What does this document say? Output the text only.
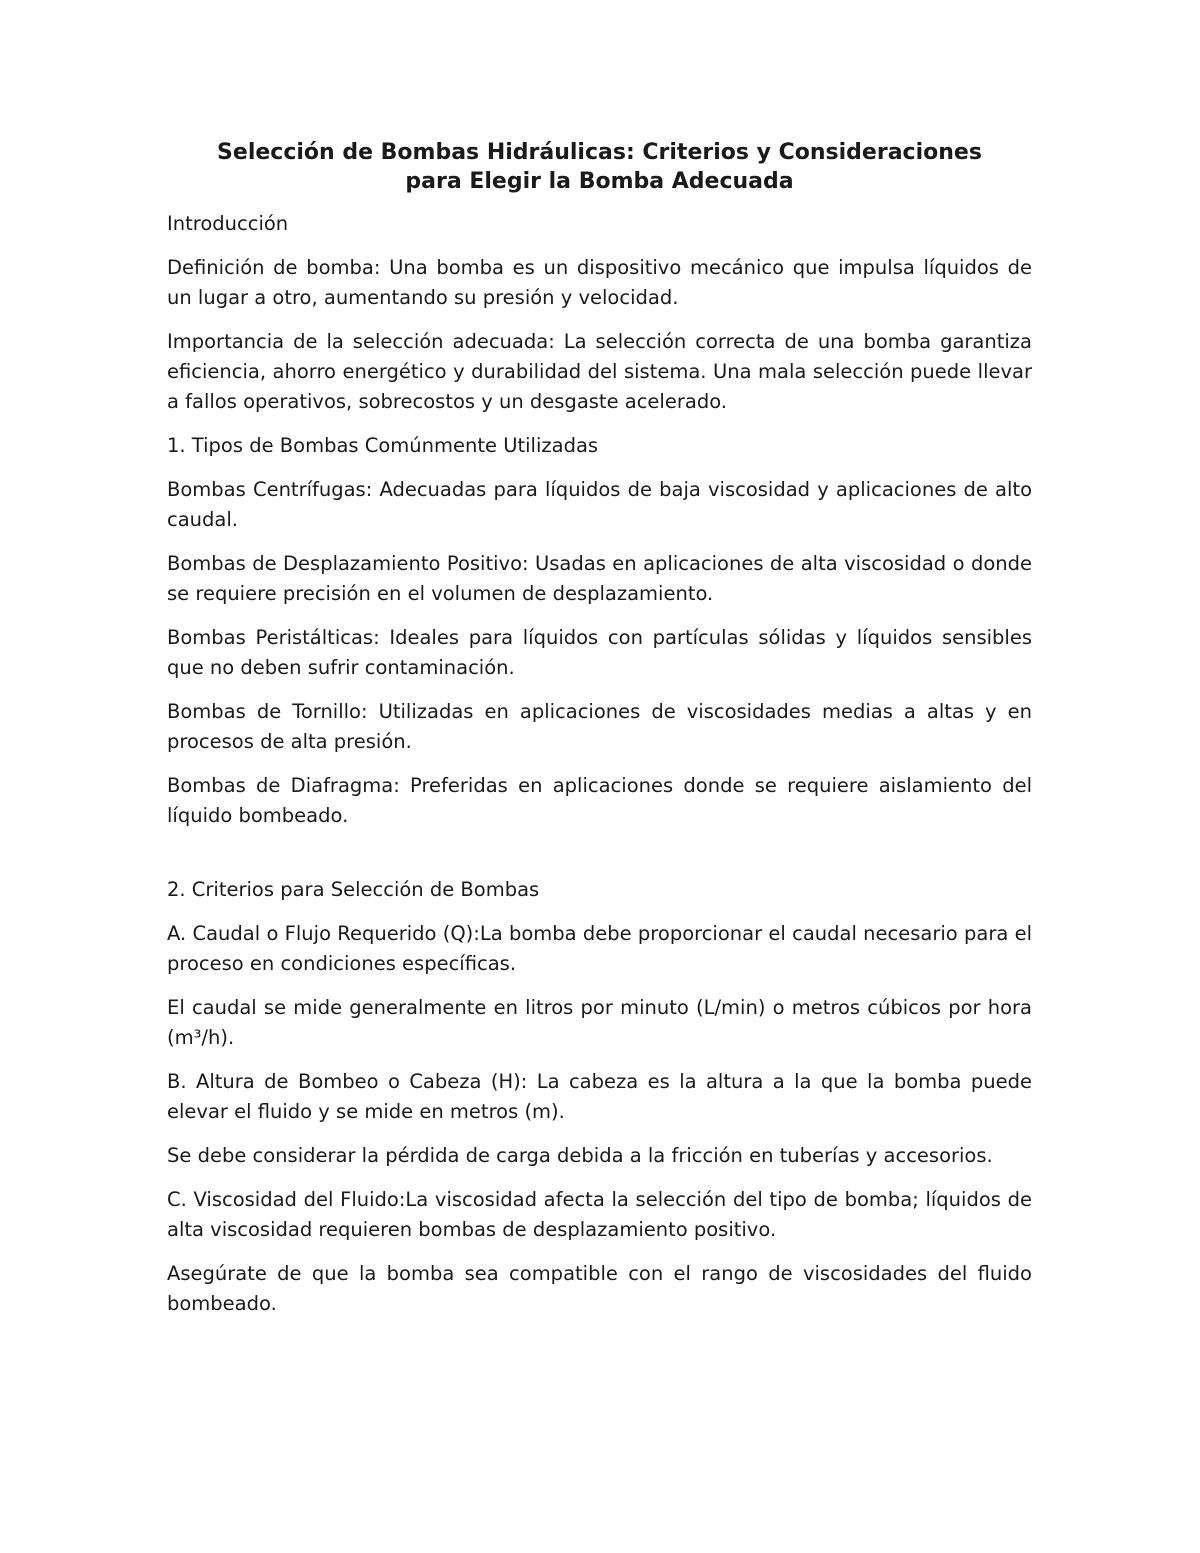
Selección de Bombas Hidráulicas: Criterios y Consideraciones
para Elegir la Bomba Adecuada

Introducción

Definición de bomba: Una bomba es un dispositivo mecánico que impulsa líquidos de un lugar a otro, aumentando su presión y velocidad.

Importancia de la selección adecuada: La selección correcta de una bomba garantiza eficiencia, ahorro energético y durabilidad del sistema. Una mala selección puede llevar a fallos operativos, sobrecostos y un desgaste acelerado.

1. Tipos de Bombas Comúnmente Utilizadas

Bombas Centrífugas: Adecuadas para líquidos de baja viscosidad y aplicaciones de alto caudal.

Bombas de Desplazamiento Positivo: Usadas en aplicaciones de alta viscosidad o donde se requiere precisión en el volumen de desplazamiento.

Bombas Peristálticas: Ideales para líquidos con partículas sólidas y líquidos sensibles que no deben sufrir contaminación.

Bombas de Tornillo: Utilizadas en aplicaciones de viscosidades medias a altas y en procesos de alta presión.

Bombas de Diafragma: Preferidas en aplicaciones donde se requiere aislamiento del líquido bombeado.

2. Criterios para Selección de Bombas

A. Caudal o Flujo Requerido (Q):La bomba debe proporcionar el caudal necesario para el proceso en condiciones específicas.

El caudal se mide generalmente en litros por minuto (L/min) o metros cúbicos por hora (m³/h).

B. Altura de Bombeo o Cabeza (H): La cabeza es la altura a la que la bomba puede elevar el fluido y se mide en metros (m).

Se debe considerar la pérdida de carga debida a la fricción en tuberías y accesorios.

C. Viscosidad del Fluido:La viscosidad afecta la selección del tipo de bomba; líquidos de alta viscosidad requieren bombas de desplazamiento positivo.

Asegúrate de que la bomba sea compatible con el rango de viscosidades del fluido bombeado.
